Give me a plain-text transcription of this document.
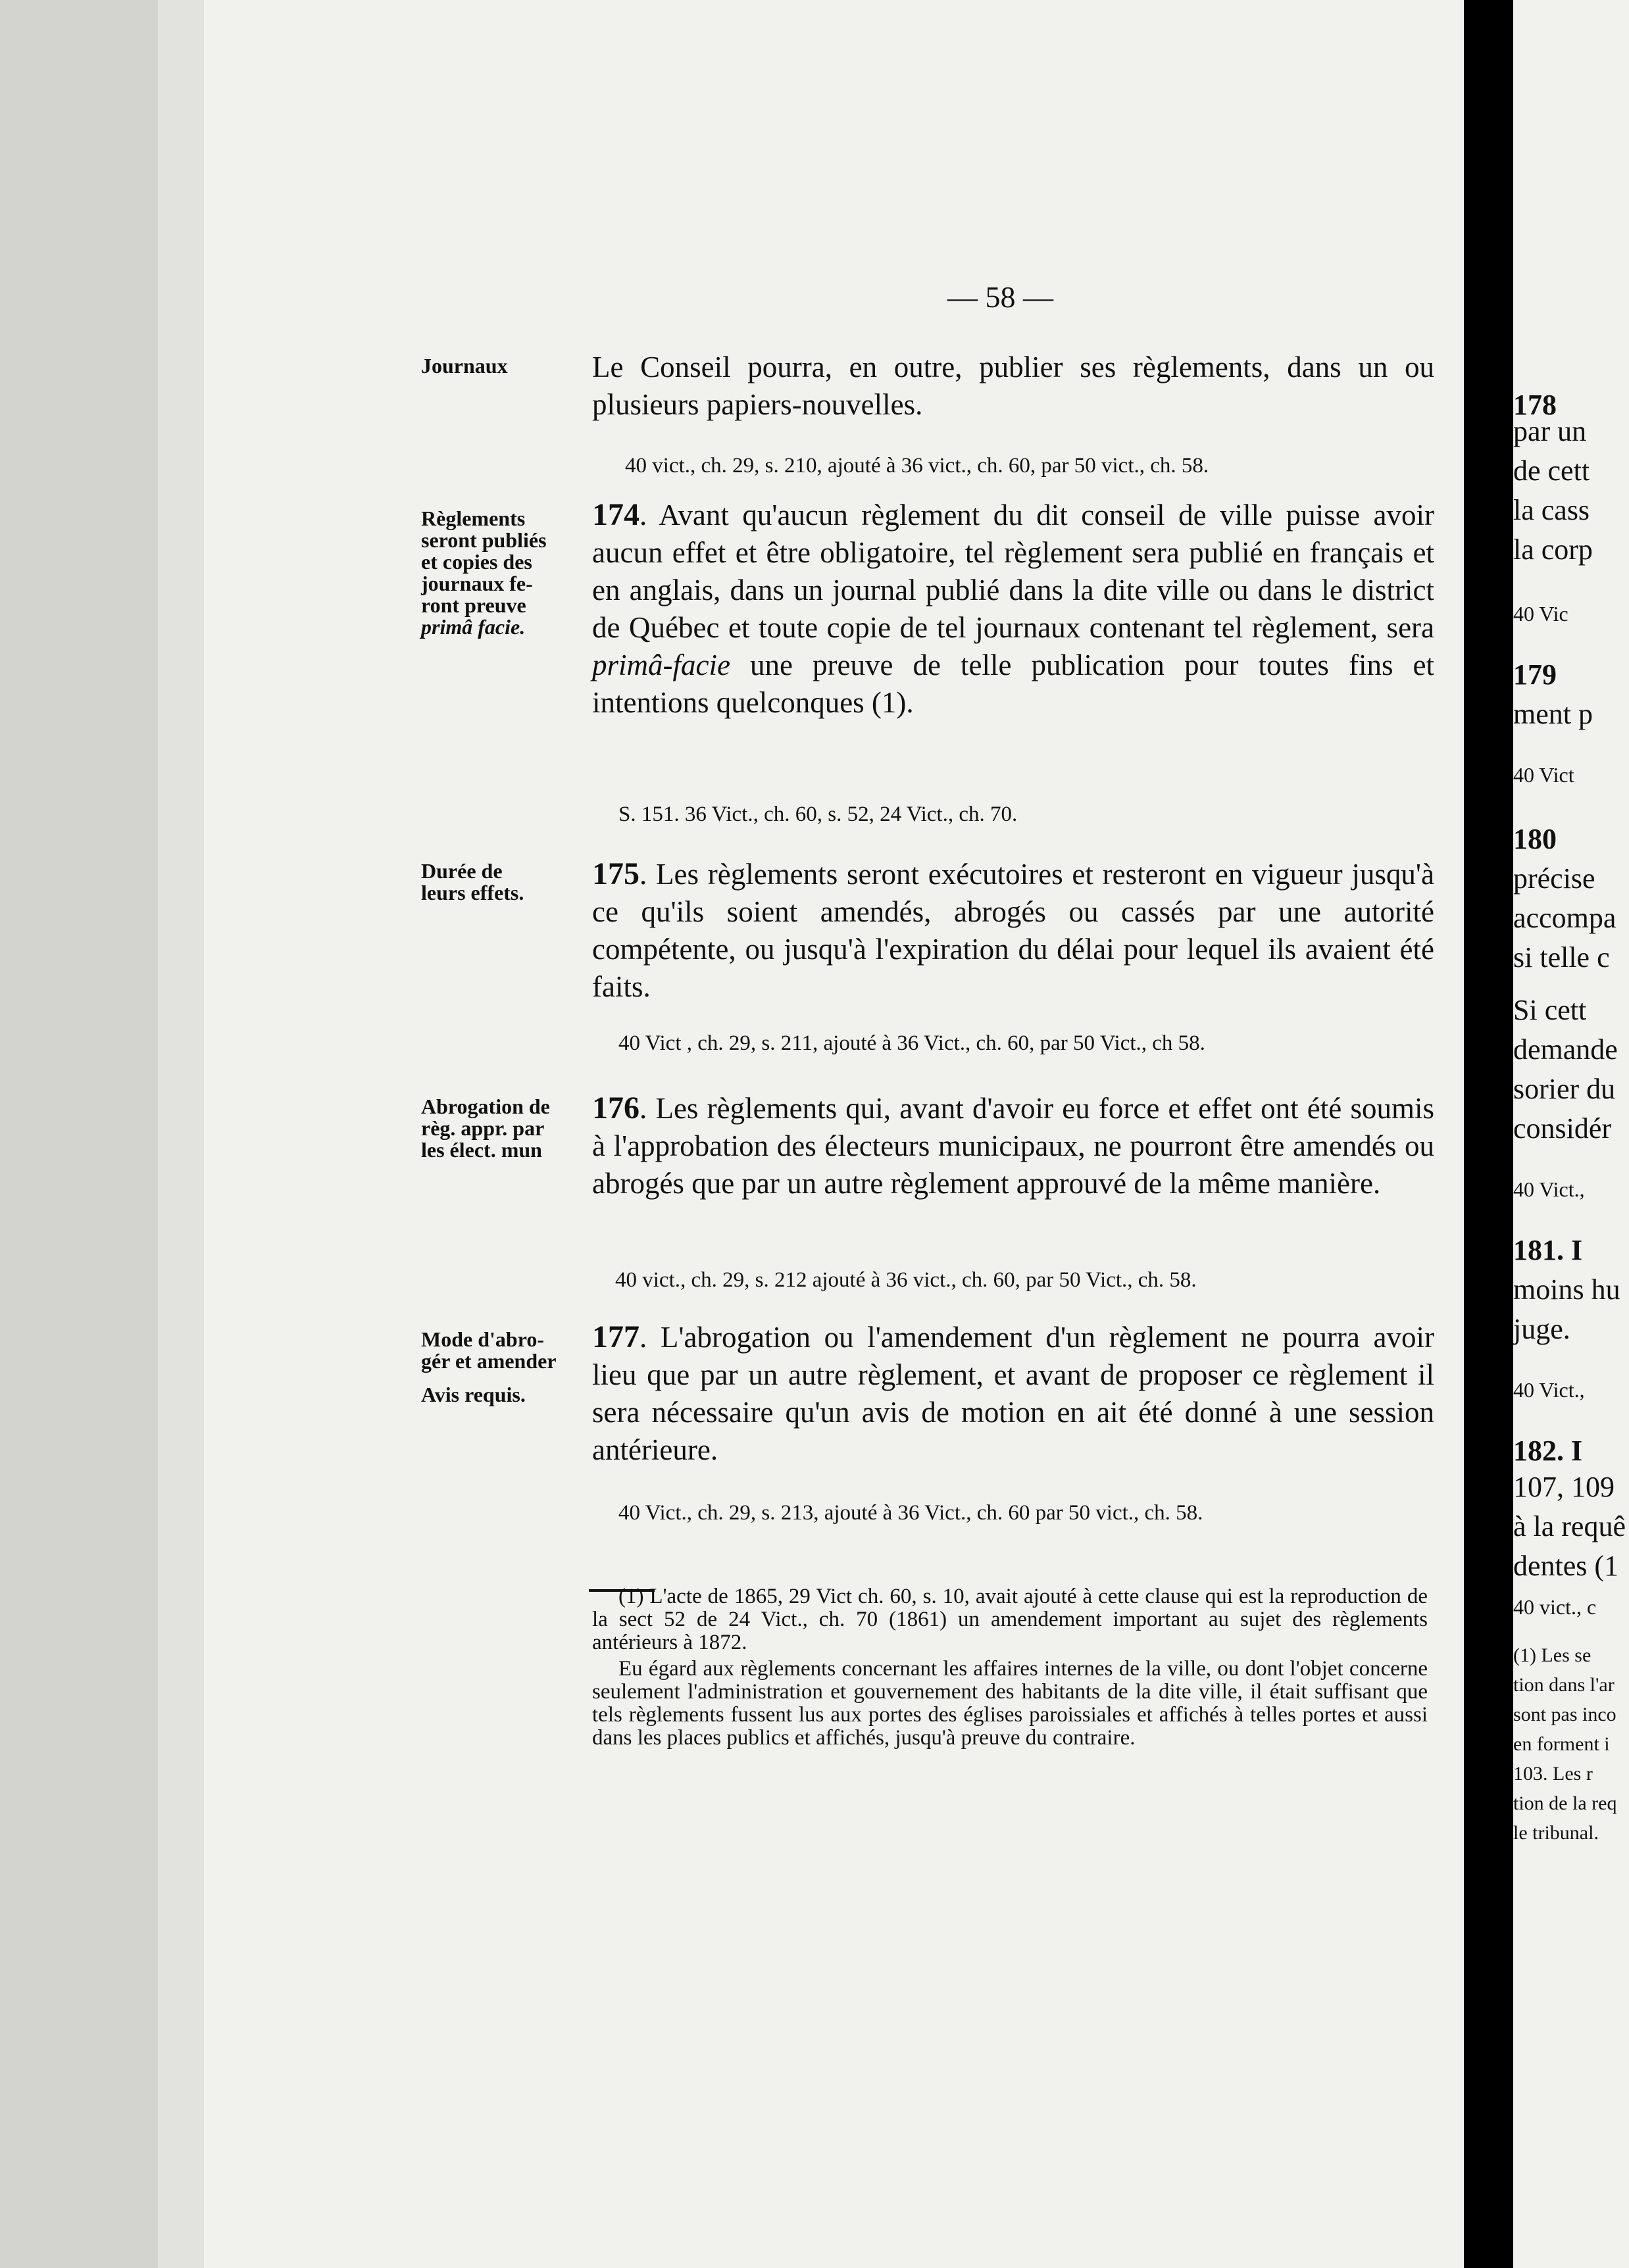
— 58 —
Journaux
Règlements
seront publiés
et copies des
journaux fe-
ront preuve
primâ facie.
Durée de
leurs effets.
Abrogation de
règ. appr. par
les élect. mun
Mode d'abro-
gér et amender
Avis requis.
Le Conseil pourra, en outre, publier ses règlements, dans un ou plusieurs papiers-nouvelles.
40 vict., ch. 29, s. 210, ajouté à 36 vict., ch. 60, par 50 vict., ch. 58.
174. Avant qu'aucun règlement du dit conseil de ville puisse avoir aucun effet et être obligatoire, tel règlement sera publié en français et en anglais, dans un journal publié dans la dite ville ou dans le district de Québec et toute copie de tel journaux contenant tel règlement, sera primâ-facie une preuve de telle publication pour toutes fins et intentions quelconques (1).
S. 151. 36 Vict., ch. 60, s. 52, 24 Vict., ch. 70.
175. Les règlements seront exécutoires et resteront en vigueur jusqu'à ce qu'ils soient amendés, abrogés ou cassés par une autorité compétente, ou jusqu'à l'expiration du délai pour lequel ils avaient été faits.
40 Vict , ch. 29, s. 211, ajouté à 36 Vict., ch. 60, par 50 Vict., ch 58.
176. Les règlements qui, avant d'avoir eu force et effet ont été soumis à l'approbation des électeurs municipaux, ne pourront être amendés ou abrogés que par un autre règlement approuvé de la même manière.
40 vict., ch. 29, s. 212 ajouté à 36 vict., ch. 60, par 50 Vict., ch. 58.
177. L'abrogation ou l'amendement d'un règlement ne pourra avoir lieu que par un autre règlement, et avant de proposer ce règlement il sera nécessaire qu'un avis de motion en ait été donné à une session antérieure.
40 Vict., ch. 29, s. 213, ajouté à 36 Vict., ch. 60 par 50 vict., ch. 58.
(1) L'acte de 1865, 29 Vict ch. 60, s. 10, avait ajouté à cette clause qui est la reproduction de la sect 52 de 24 Vict., ch. 70 (1861) un amendement important au sujet des règlements antérieurs à 1872.
Eu égard aux règlements concernant les affaires internes de la ville, ou dont l'objet concerne seulement l'administration et gouvernement des habitants de la dite ville, il était suffisant que tels règlements fussent lus aux portes des églises paroissiales et affichés à telles portes et aussi dans les places publics et affichés, jusqu'à preuve du contraire.
178
par un
de cett
la cass
la corp
40 Vic
179
ment p
40 Vict
180
précise
accompa
si telle c
Si cett
demande
sorier du
considér
40 Vict.,
181. I
moins hu
juge.
40 Vict.,
182. I
107, 109
à la requê
dentes (1
40 vict., c
(1) Les se
tion dans l'ar
sont pas inco
en forment i
103. Les r
tion de la req
le tribunal.
